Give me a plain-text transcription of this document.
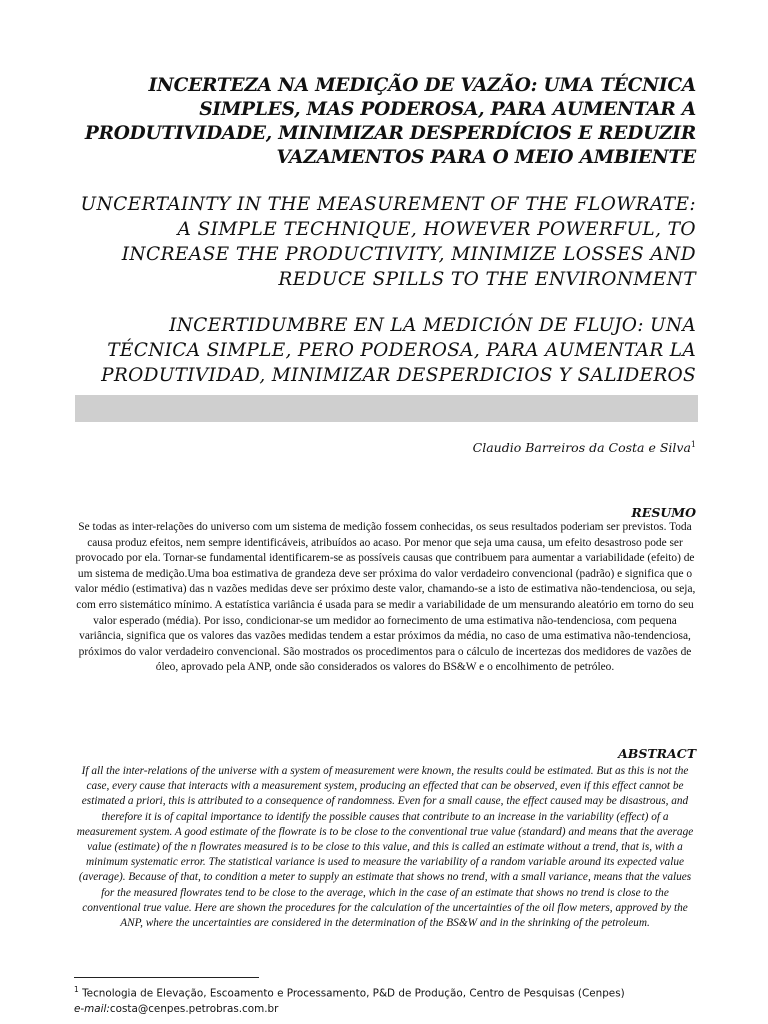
INCERTEZA NA MEDIÇÃO DE VAZÃO: UMA TÉCNICA SIMPLES, MAS PODEROSA, PARA AUMENTAR A PRODUTIVIDADE, MINIMIZAR DESPERDÍCIOS E REDUZIR VAZAMENTOS PARA O MEIO AMBIENTE
UNCERTAINTY IN THE MEASUREMENT OF THE FLOWRATE: A SIMPLE TECHNIQUE, HOWEVER POWERFUL, TO INCREASE THE PRODUCTIVITY, MINIMIZE LOSSES AND REDUCE SPILLS TO THE ENVIRONMENT
INCERTIDUMBRE EN LA MEDICIÓN DE FLUJO: UNA TÉCNICA SIMPLE, PERO PODEROSA, PARA AUMENTAR LA PRODUTIVIDAD, MINIMIZAR DESPERDICIOS Y SALIDEROS
Claudio Barreiros da Costa e Silva$^1$
RESUMO

Se todas as inter-relações do universo com um sistema de medição fossem conhecidas, os seus resultados poderiam ser previstos. Toda causa produz efeitos, nem sempre identificáveis, atribuídos ao acaso. Por menor que seja uma causa, um efeito desastroso pode ser provocado por ela. Tornar-se fundamental identificarem-se as possíveis causas que contribuem para aumentar a variabilidade (efeito) de um sistema de medição.Uma boa estimativa de grandeza deve ser próxima do valor verdadeiro convencional (padrão) e significa que o valor médio (estimativa) das n vazões medidas deve ser próximo deste valor, chamando-se a isto de estimativa não-tendenciosa, ou seja, com erro sistemático mínimo. A estatística variância é usada para se medir a variabilidade de um mensurando aleatório em torno do seu valor esperado (média). Por isso, condicionar-se um medidor ao fornecimento de uma estimativa não-tendenciosa, com pequena variância, significa que os valores das vazões medidas tendem a estar próximos da média, no caso de uma estimativa não-tendenciosa, próximos do valor verdadeiro convencional. São mostrados os procedimentos para o cálculo de incertezas dos medidores de vazões de óleo, aprovado pela ANP, onde são considerados os valores do BS&W e o encolhimento de petróleo.

ABSTRACT

If all the inter-relations of the universe with a system of measurement were known, the results could be estimated. But as this is not the case, every cause that interacts with a measurement system, producing an effected that can be observed, even if this effect cannot be estimated a priori, this is attributed to a consequence of randomness. Even for a small cause, the effect caused may be disastrous, and therefore it is of capital importance to identify the possible causes that contribute to an increase in the variability (effect) of a measurement system. A good estimate of the flowrate is to be close to the conventional true value (standard) and means that the average value (estimate) of the n flowrates measured is to be close to this value, and this is called an estimate without a trend, that is, with a minimum systematic error. The statistical variance is used to measure the variability of a random variable around its expected value (average). Because of that, to condition a meter to supply an estimate that shows no trend, with a small variance, means that the values for the measured flowrates tend to be close to the average, which in the case of an estimate that shows no trend is close to the conventional true value. Here are shown the procedures for the calculation of the uncertainties of the oil flow meters, approved by the ANP, where the uncertainties are considered in the determination of the BS&W and in the shrinking of the petroleum.

$^1$ Tecnologia de Elevação, Escoamento e Processamento, P&D de Produção, Centro de Pesquisas (Cenpes)
e-mail:costa@cenpes.petrobras.com.br
